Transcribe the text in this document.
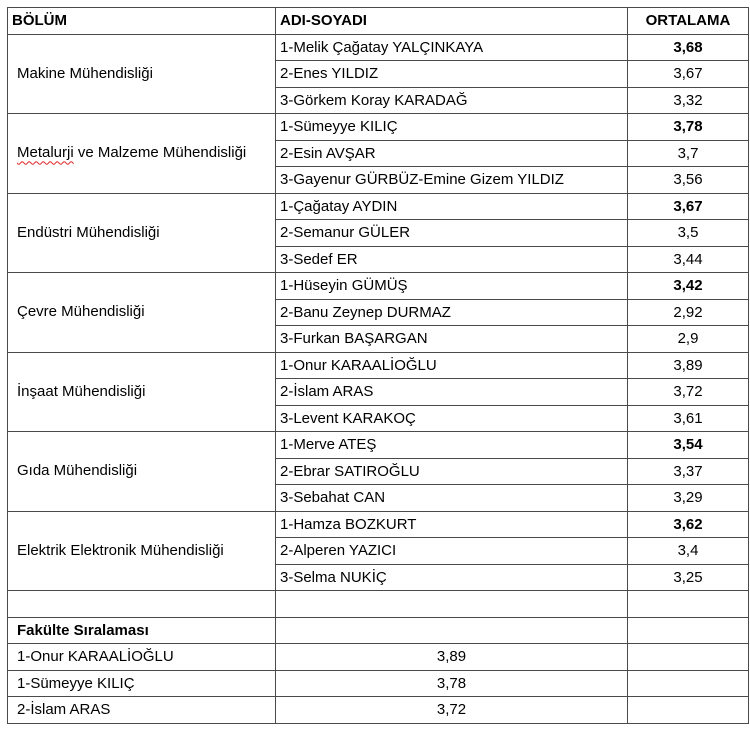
BÖLÜM	ADI-SOYADI	ORTALAMA
Makine Mühendisliği	1-Melik Çağatay YALÇINKAYA	3,68
	2-Enes YILDIZ	3,67
	3-Görkem Koray KARADAĞ	3,32
Metalurji ve Malzeme Mühendisliği	1-Sümeyye KILIÇ	3,78
	2-Esin AVŞAR	3,7
	3-Gayenur GÜRBÜZ-Emine Gizem YILDIZ	3,56
Endüstri Mühendisliği	1-Çağatay AYDIN	3,67
	2-Semanur GÜLER	3,5
	3-Sedef ER	3,44
Çevre Mühendisliği	1-Hüseyin GÜMÜŞ	3,42
	2-Banu Zeynep DURMAZ	2,92
	3-Furkan BAŞARGAN	2,9
İnşaat Mühendisliği	1-Onur KARAALİOĞLU	3,89
	2-İslam ARAS	3,72
	3-Levent KARAKOÇ	3,61
Gıda Mühendisliği	1-Merve ATEŞ	3,54
	2-Ebrar SATIROĞLU	3,37
	3-Sebahat CAN	3,29
Elektrik Elektronik Mühendisliği	1-Hamza BOZKURT	3,62
	2-Alperen YAZICI	3,4
	3-Selma NUKİÇ	3,25

Fakülte Sıralaması		
1-Onur KARAALİOĞLU	3,89	
1-Sümeyye KILIÇ	3,78	
2-İslam ARAS	3,72	
